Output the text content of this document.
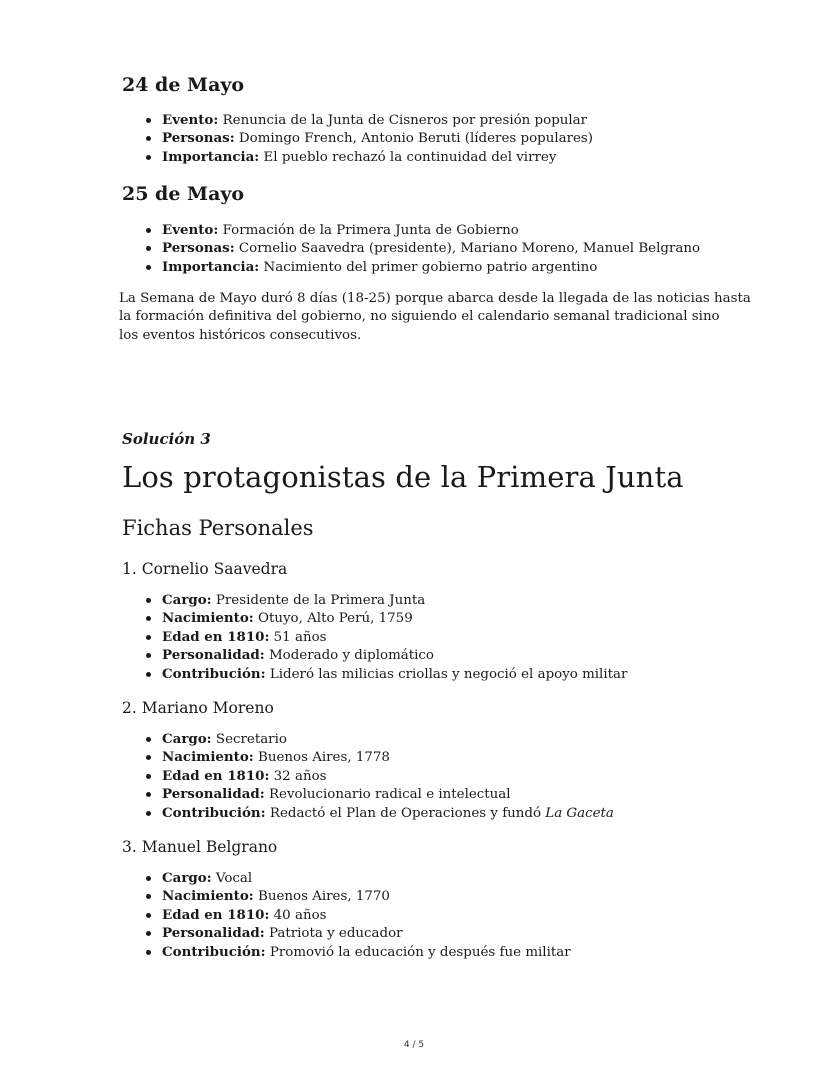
24 de Mayo
Evento: Renuncia de la Junta de Cisneros por presión popular
Personas: Domingo French, Antonio Beruti (líderes populares)
Importancia: El pueblo rechazó la continuidad del virrey
25 de Mayo
Evento: Formación de la Primera Junta de Gobierno
Personas: Cornelio Saavedra (presidente), Mariano Moreno, Manuel Belgrano
Importancia: Nacimiento del primer gobierno patrio argentino

La Semana de Mayo duró 8 días (18-25) porque abarca desde la llegada de las noticias hasta
la formación definitiva del gobierno, no siguiendo el calendario semanal tradicional sino
los eventos históricos consecutivos.

Solución 3

Los protagonistas de la Primera Junta
Fichas Personales
1. Cornelio Saavedra
Cargo: Presidente de la Primera Junta
Nacimiento: Otuyo, Alto Perú, 1759
Edad en 1810: 51 años
Personalidad: Moderado y diplomático
Contribución: Lideró las milicias criollas y negoció el apoyo militar
2. Mariano Moreno
Cargo: Secretario
Nacimiento: Buenos Aires, 1778
Edad en 1810: 32 años
Personalidad: Revolucionario radical e intelectual
Contribución: Redactó el Plan de Operaciones y fundó La Gaceta
3. Manuel Belgrano
Cargo: Vocal
Nacimiento: Buenos Aires, 1770
Edad en 1810: 40 años
Personalidad: Patriota y educador
Contribución: Promovió la educación y después fue militar
4 / 5
